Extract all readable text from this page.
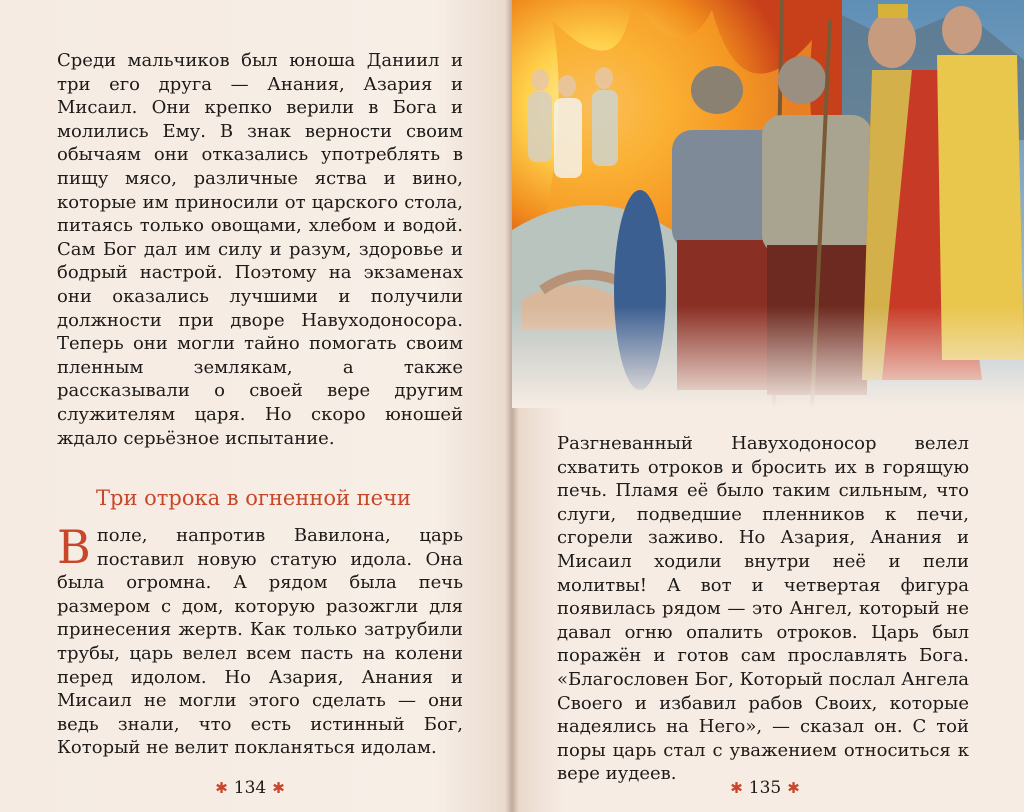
Среди мальчиков был юноша Даниил и три его друга — Анания, Азария и Мисаил. Они крепко верили в Бога и молились Ему. В знак верности своим обычаям они отказались употреблять в пищу мясо, различные яства и вино, которые им приносили от царского стола, питаясь только овощами, хлебом и водой. Сам Бог дал им силу и разум, здоровье и бодрый настрой. Поэтому на экзаменах они оказались лучшими и получили должности при дворе Навуходоносора. Теперь они могли тайно помогать своим пленным землякам, а также рассказывали о своей вере другим служителям царя. Но скоро юношей ждало серьёзное испытание.

Три отрока в огненной печи
Вполе, напротив Вавилона, царь поставил новую статую идола. Она была огромна. А рядом была печь размером с дом, которую разожгли для принесения жертв. Как только затрубили трубы, царь велел всем пасть на колени перед идолом. Но Азария, Анания и Мисаил не могли этого сделать — они ведь знали, что есть истинный Бог, Который не велит покланяться идолам.
✱ 134 ✱

Разгневанный Навуходоносор велел схватить отроков и бросить их в горящую печь. Пламя её было таким сильным, что слуги, подведшие пленников к печи, сгорели заживо. Но Азария, Анания и Мисаил ходили внутри неё и пели молитвы! А вот и четвертая фигура появилась рядом — это Ангел, который не давал огню опалить отроков. Царь был поражён и готов сам прославлять Бога. «Благословен Бог, Который послал Ангела Своего и избавил рабов Своих, которые надеялись на Него», — сказал он. С той поры царь стал с уважением относиться к вере иудеев.

✱ 135 ✱
